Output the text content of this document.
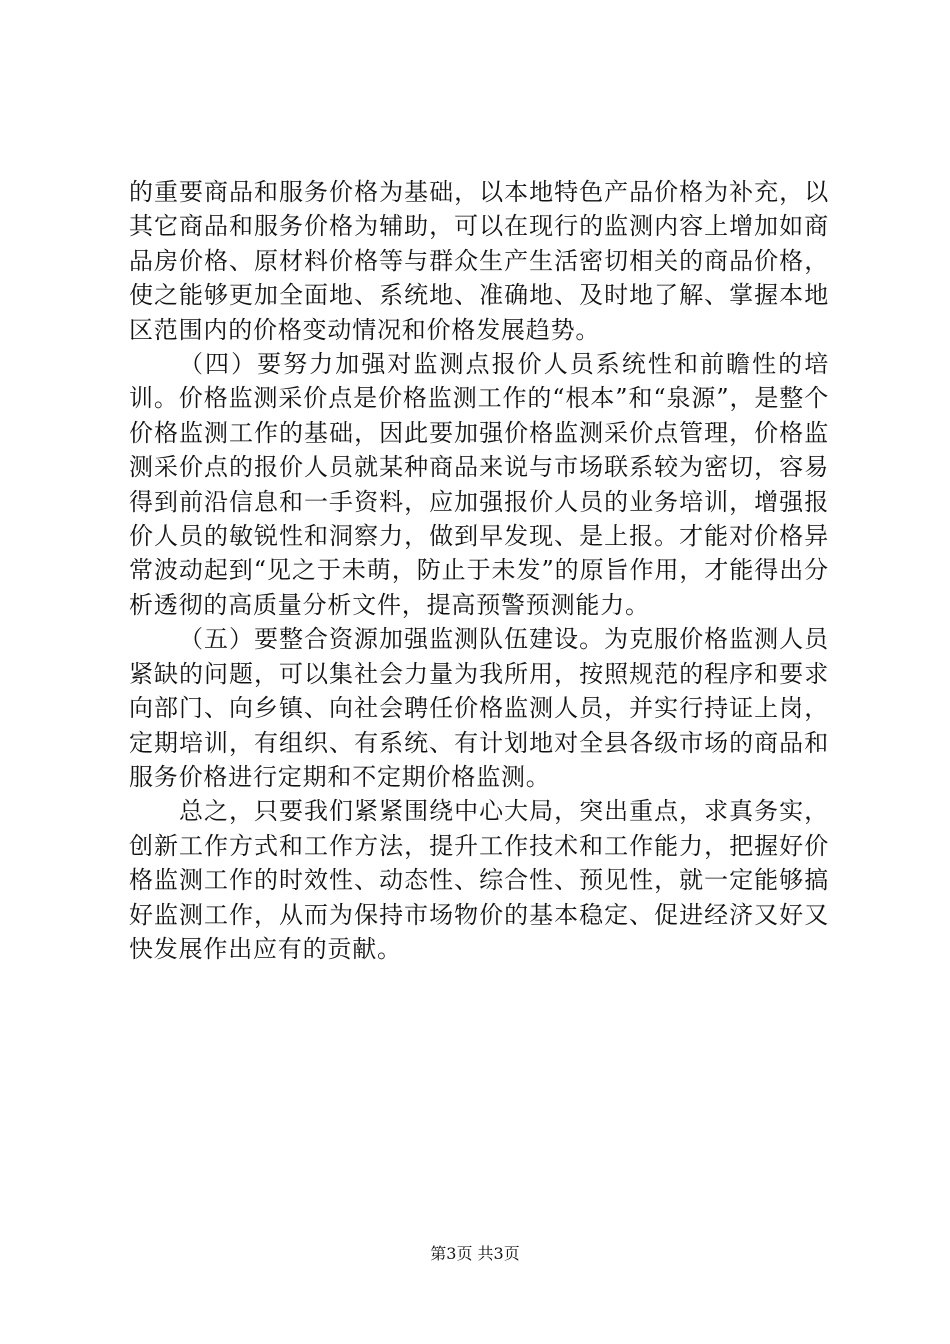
的重要商品和服务价格为基础，以本地特色产品价格为补充，以其它商品和服务价格为辅助，可以在现行的监测内容上增加如商品房价格、原材料价格等与群众生产生活密切相关的商品价格，使之能够更加全面地、系统地、准确地、及时地了解、掌握本地区范围内的价格变动情况和价格发展趋势。

（四）要努力加强对监测点报价人员系统性和前瞻性的培训。价格监测采价点是价格监测工作的“根本”和“泉源”，是整个价格监测工作的基础，因此要加强价格监测采价点管理，价格监测采价点的报价人员就某种商品来说与市场联系较为密切，容易得到前沿信息和一手资料，应加强报价人员的业务培训，增强报价人员的敏锐性和洞察力，做到早发现、是上报。才能对价格异常波动起到“见之于未萌，防止于未发”的原旨作用，才能得出分析透彻的高质量分析文件，提高预警预测能力。

（五）要整合资源加强监测队伍建设。为克服价格监测人员紧缺的问题，可以集社会力量为我所用，按照规范的程序和要求向部门、向乡镇、向社会聘任价格监测人员，并实行持证上岗，定期培训，有组织、有系统、有计划地对全县各级市场的商品和服务价格进行定期和不定期价格监测。

总之，只要我们紧紧围绕中心大局，突出重点，求真务实，创新工作方式和工作方法，提升工作技术和工作能力，把握好价格监测工作的时效性、动态性、综合性、预见性，就一定能够搞好监测工作，从而为保持市场物价的基本稳定、促进经济又好又快发展作出应有的贡献。

第3页 共3页
